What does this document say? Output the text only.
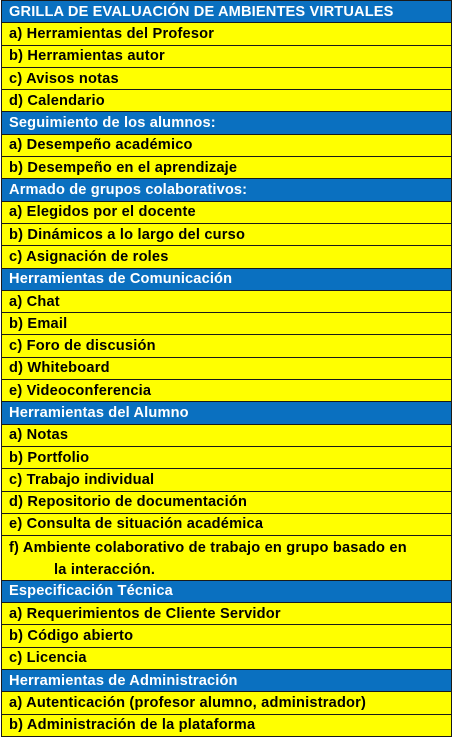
GRILLA DE EVALUACIÓN DE AMBIENTES VIRTUALES
a) Herramientas del Profesor
b) Herramientas autor
c) Avisos notas
d) Calendario
Seguimiento de los alumnos:
a) Desempeño académico
b) Desempeño en el aprendizaje
Armado de grupos colaborativos:
a) Elegidos por el docente
b) Dinámicos a lo largo del curso
c) Asignación de roles
Herramientas de Comunicación
a) Chat
b) Email
c) Foro de discusión
d) Whiteboard
e) Videoconferencia
Herramientas del Alumno
a) Notas
b) Portfolio
c) Trabajo individual
d) Repositorio de documentación
e) Consulta de situación académica
f) Ambiente colaborativo de trabajo en grupo basado en
la interacción.
Especificación Técnica
a) Requerimientos de Cliente Servidor
b) Código abierto
c) Licencia
Herramientas de Administración
a) Autenticación (profesor alumno, administrador)
b) Administración de la plataforma
